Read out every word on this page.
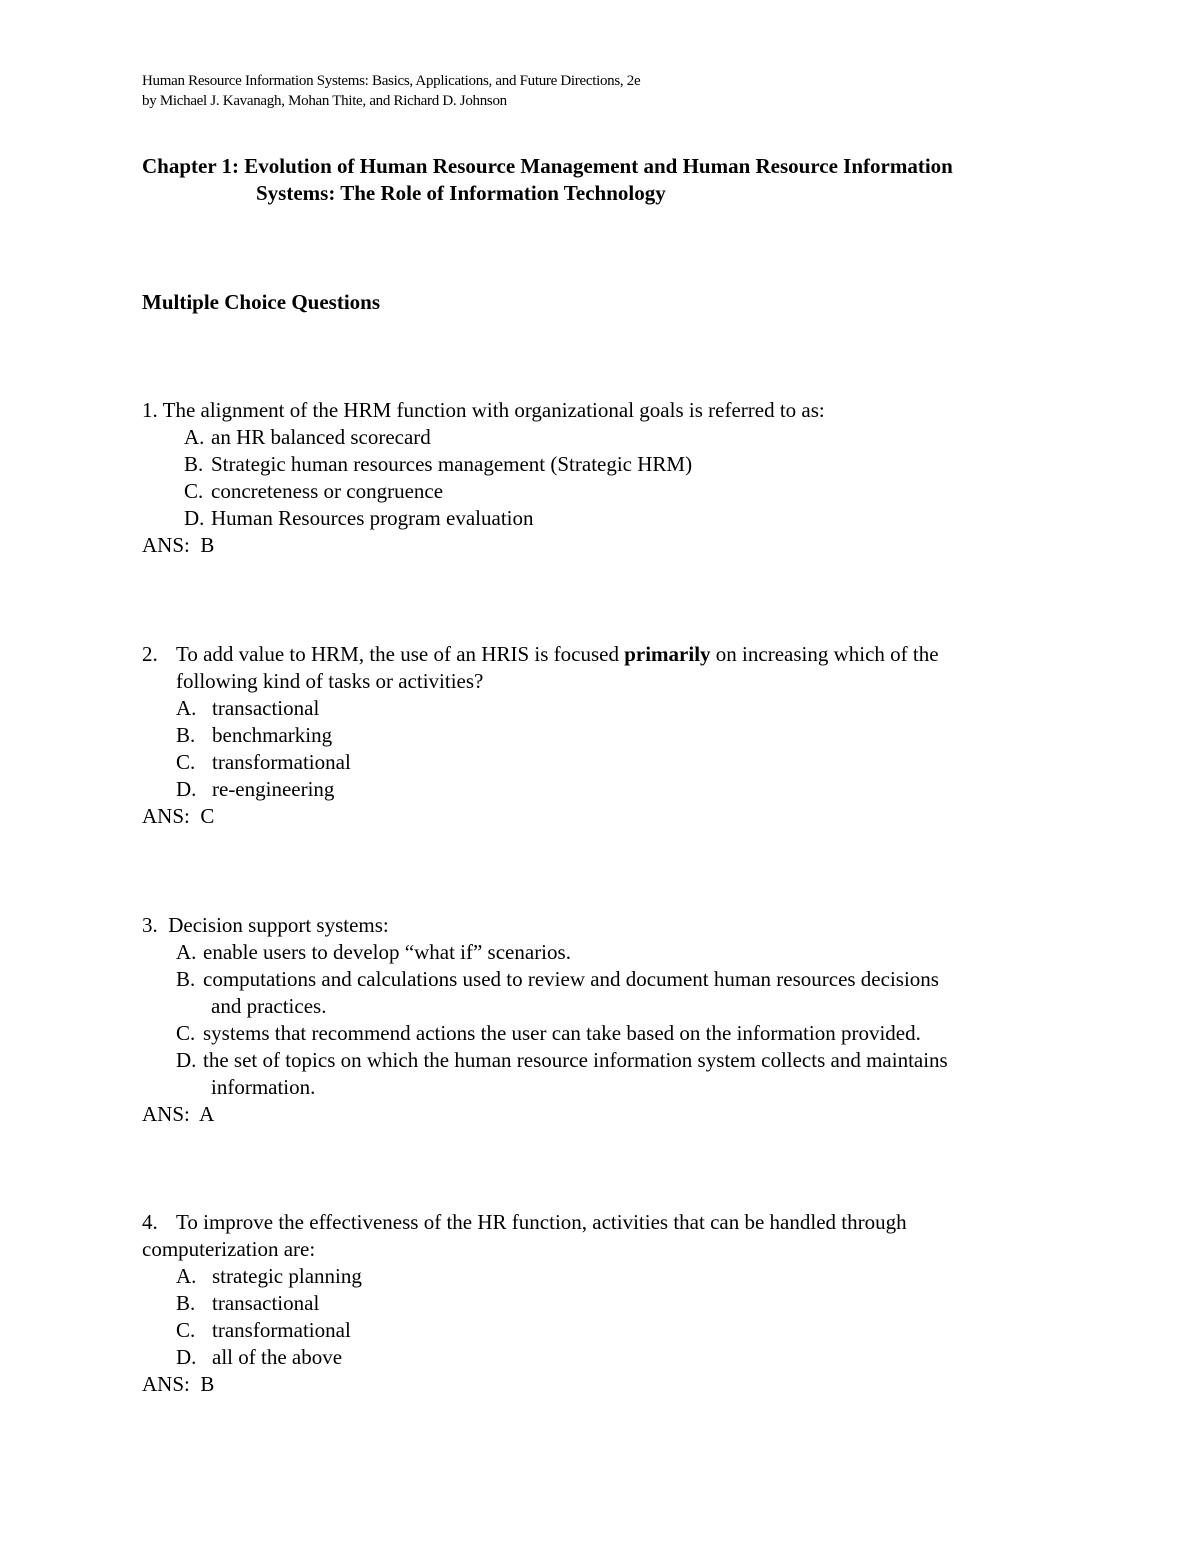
Human Resource Information Systems: Basics, Applications, and Future Directions, 2e
by Michael J. Kavanagh, Mohan Thite, and Richard D. Johnson
Chapter 1: Evolution of Human Resource Management and Human Resource Information
Systems: The Role of Information Technology
Multiple Choice Questions
1. The alignment of the HRM function with organizational goals is referred to as:
A. an HR balanced scorecard
B. Strategic human resources management (Strategic HRM)
C. concreteness or congruence
D. Human Resources program evaluation
ANS:  B
2. To add value to HRM, the use of an HRIS is focused primarily on increasing which of the
following kind of tasks or activities?
A. transactional
B. benchmarking
C. transformational
D. re-engineering
ANS:  C
3. Decision support systems:
A. enable users to develop “what if” scenarios.
B. computations and calculations used to review and document human resources decisions
and practices.
C. systems that recommend actions the user can take based on the information provided.
D. the set of topics on which the human resource information system collects and maintains
information.
ANS:  A
4. To improve the effectiveness of the HR function, activities that can be handled through
computerization are:
A. strategic planning
B. transactional
C. transformational
D. all of the above
ANS:  B
